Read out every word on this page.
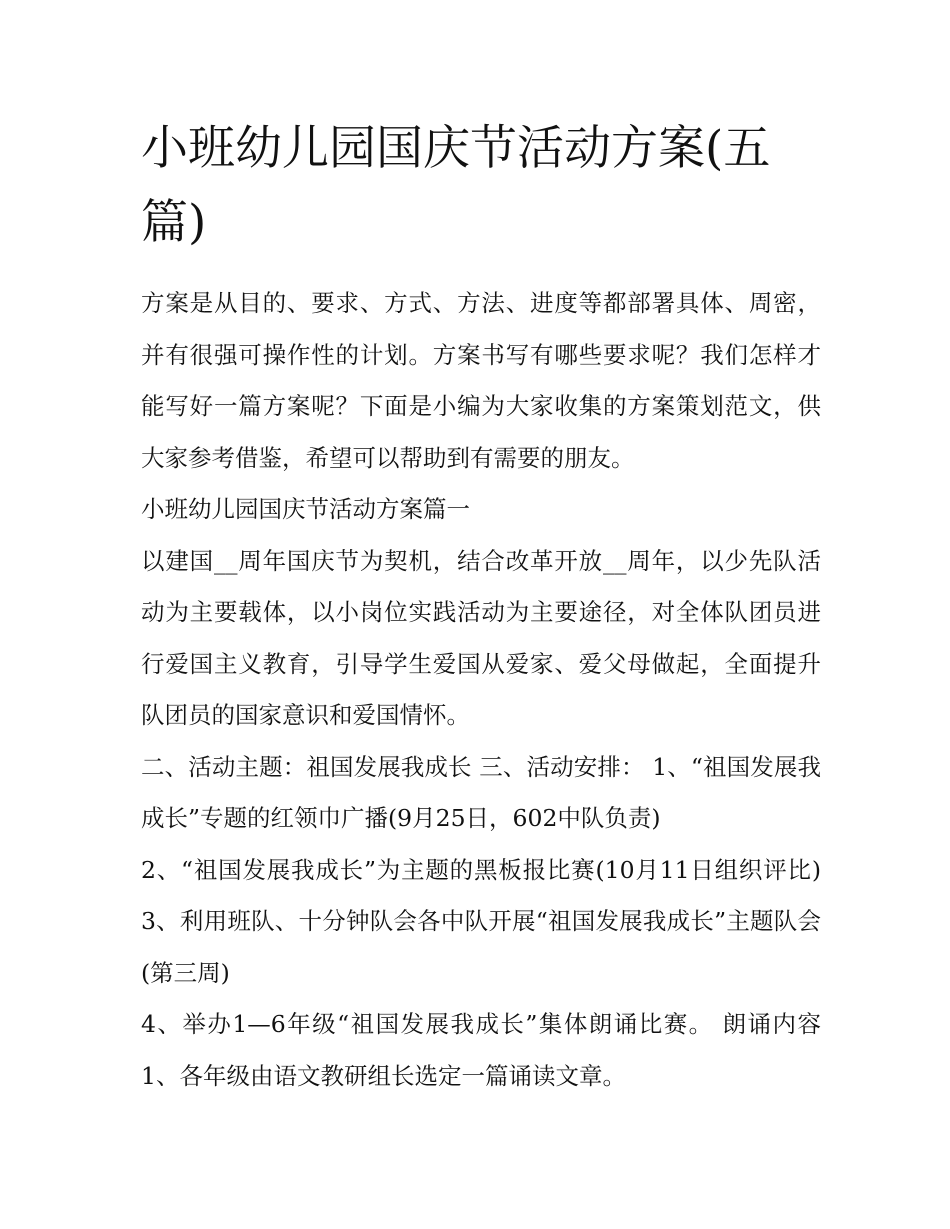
小班幼儿园国庆节活动方案(五篇)

方案是从目的、要求、方式、方法、进度等都部署具体、周密，并有很强可操作性的计划。方案书写有哪些要求呢？我们怎样才能写好一篇方案呢？下面是小编为大家收集的方案策划范文，供大家参考借鉴，希望可以帮助到有需要的朋友。

小班幼儿园国庆节活动方案篇一

以建国__周年国庆节为契机，结合改革开放__周年，以少先队活动为主要载体，以小岗位实践活动为主要途径，对全体队团员进行爱国主义教育，引导学生爱国从爱家、爱父母做起，全面提升队团员的国家意识和爱国情怀。

二、活动主题：祖国发展我成长 三、活动安排： 1、“祖国发展我成长”专题的红领巾广播(9月25日，602中队负责)

2、“祖国发展我成长”为主题的黑板报比赛(10月11日组织评比) 3、利用班队、十分钟队会各中队开展“祖国发展我成长”主题队会(第三周)

4、举办1—6年级“祖国发展我成长”集体朗诵比赛。 朗诵内容 1、各年级由语文教研组长选定一篇诵读文章。
